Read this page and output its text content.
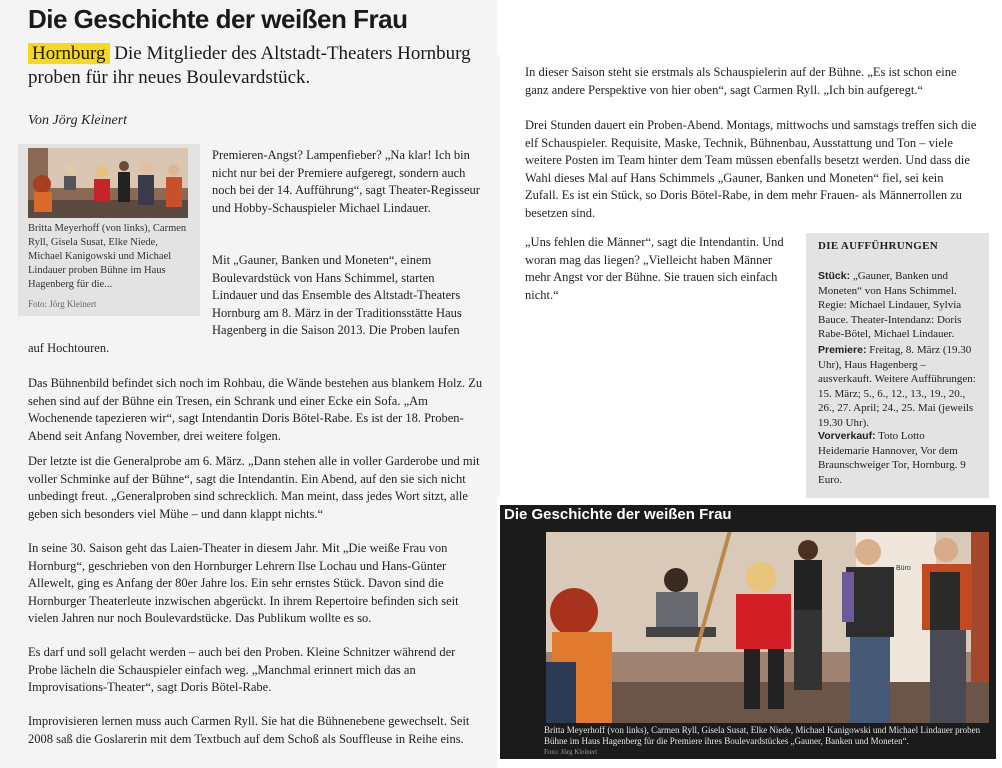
Die Geschichte der weißen Frau
Hornburg Die Mitglieder des Altstadt-Theaters Hornburg proben für ihr neues Boulevardstück.
Von Jörg Kleinert
Britta Meyerhoff (von links), Carmen Ryll, Gisela Susat, Elke Niede, Michael Kanigowski und Michael Lindauer proben Bühne im Haus Hagenberg für die...
Foto: Jörg Kleinert

Premieren-Angst? Lampenfieber? „Na klar! Ich bin nicht nur bei der Premiere aufgeregt, sondern auch noch bei der 14. Aufführung“, sagt Theater-Regisseur und Hobby-Schauspieler Michael Lindauer.

Mit „Gauner, Banken und Moneten“, einem Boulevardstück von Hans Schimmel, starten Lindauer und das Ensemble des Altstadt-Theaters Hornburg am 8. März in der Traditionsstätte Haus Hagenberg in die Saison 2013. Die Proben laufen

auf Hochtouren.

Das Bühnenbild befindet sich noch im Rohbau, die Wände bestehen aus blankem Holz. Zu sehen sind auf der Bühne ein Tresen, ein Schrank und einer Ecke ein Sofa. „Am Wochenende tapezieren wir“, sagt Intendantin Doris Bötel-Rabe. Es ist der 18. Proben-Abend seit Anfang November, drei weitere folgen.

Der letzte ist die Generalprobe am 6. März. „Dann stehen alle in voller Garderobe und mit voller Schminke auf der Bühne“, sagt die Intendantin. Ein Abend, auf den sie sich nicht unbedingt freut. „Generalproben sind schrecklich. Man meint, dass jedes Wort sitzt, alle geben sich besonders viel Mühe – und dann klappt nichts.“

In seine 30. Saison geht das Laien-Theater in diesem Jahr. Mit „Die weiße Frau von Hornburg“, geschrieben von den Hornburger Lehrern Ilse Lochau und Hans-Günter Allewelt, ging es Anfang der 80er Jahre los. Ein sehr ernstes Stück. Davon sind die Hornburger Theaterleute inzwischen abgerückt. In ihrem Repertoire befinden sich seit vielen Jahren nur noch Boulevardstücke. Das Publikum wollte es so.

Es darf und soll gelacht werden – auch bei den Proben. Kleine Schnitzer während der Probe lächeln die Schauspieler einfach weg. „Manchmal erinnert mich das an Improvisations-Theater“, sagt Doris Bötel-Rabe.

Improvisieren lernen muss auch Carmen Ryll. Sie hat die Bühnenebene gewechselt. Seit 2008 saß die Goslarerin mit dem Textbuch auf dem Schoß als Souffleuse in Reihe eins.

In dieser Saison steht sie erstmals als Schauspielerin auf der Bühne. „Es ist schon eine ganz andere Perspektive von hier oben“, sagt Carmen Ryll. „Ich bin aufgeregt.“

Drei Stunden dauert ein Proben-Abend. Montags, mittwochs und samstags treffen sich die elf Schauspieler. Requisite, Maske, Technik, Bühnenbau, Ausstattung und Ton – viele weitere Posten im Team hinter dem Team müssen ebenfalls besetzt werden. Und dass die Wahl dieses Mal auf Hans Schimmels „Gauner, Banken und Moneten“ fiel, sei kein Zufall. Es ist ein Stück, so Doris Bötel-Rabe, in dem mehr Frauen- als Männerrollen zu besetzen sind.

„Uns fehlen die Männer“, sagt die Intendantin. Und woran mag das liegen? „Vielleicht haben Männer mehr Angst vor der Bühne. Sie trauen sich einfach nicht.“

DIE AUFFÜHRUNGEN
Stück: „Gauner, Banken und Moneten“ von Hans Schimmel. Regie: Michael Lindauer, Sylvia Bauce. Theater-Intendanz: Doris Rabe-Bötel, Michael Lindauer.
Premiere: Freitag, 8. März (19.30 Uhr), Haus Hagenberg – ausverkauft. Weitere Aufführungen: 15. März; 5., 6., 12., 13., 19., 20., 26., 27. April; 24., 25. Mai (jeweils 19.30 Uhr).
Vorverkauf: Toto Lotto Heidemarie Hannover, Vor dem Braunschweiger Tor, Hornburg. 9 Euro.
Die Geschichte der weißen Frau
Büro
Britta Meyerhoff (von links), Carmen Ryll, Gisela Susat, Elke Niede, Michael Kanigowski und Michael Lindauer proben Bühne im Haus Hagenberg für die Premiere ihres Boulevardstückes „Gauner, Banken und Moneten“.
Foto: Jörg Kleinert
